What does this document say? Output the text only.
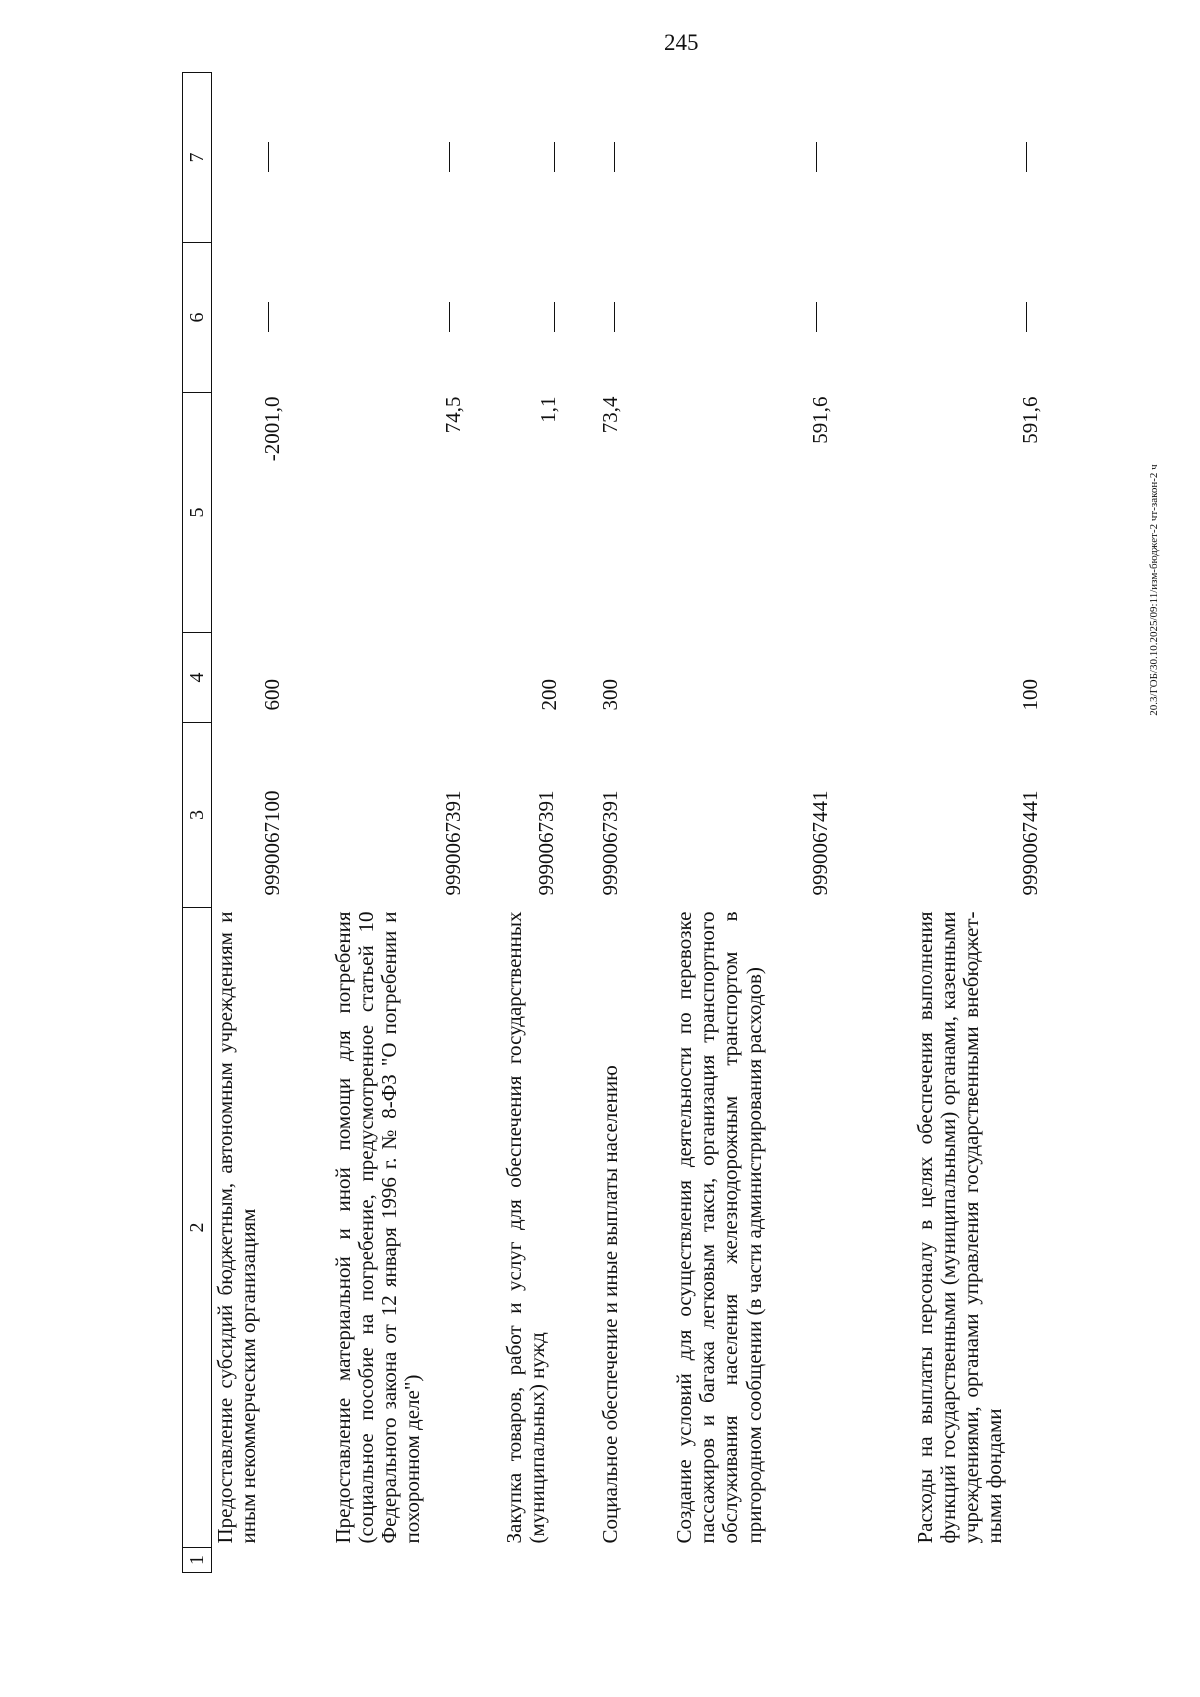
245
20.3/ГОБ/30.10.2025/09:11/изм-бюджет-2 чт-закон-2 ч
1	2	3	4	5	6	7
	Предоставление субсидий бюджетным, автономным учреждениям и иным некоммерческим организациям	9990067100	600	-2001,0		
	Предоставление материальной и иной помощи для погребения (социальное пособие на погребение, предусмотренное статьей 10 Федерального закона от 12 января 1996 г. № 8-ФЗ "О погребении и похоронном деле")	9990067391		74,5		
	Закупка товаров, работ и услуг для обеспечения государственных (муниципальных) нужд	9990067391	200	1,1		
	Социальное обеспечение и иные выплаты населению	9990067391	300	73,4		
	Создание условий для осуществления деятельности по перевозке пассажиров и багажа легковым такси, организация транспортного обслуживания населения железнодорожным транспортом в пригородном сообщении (в части администрирования расходов)	9990067441		591,6		
	Расходы на выплаты персоналу в целях обеспечения выполнения функций государственными (муниципальными) органами, казенными учреждениями, органами управления государственными внебюджетными фондами	9990067441	100	591,6		
